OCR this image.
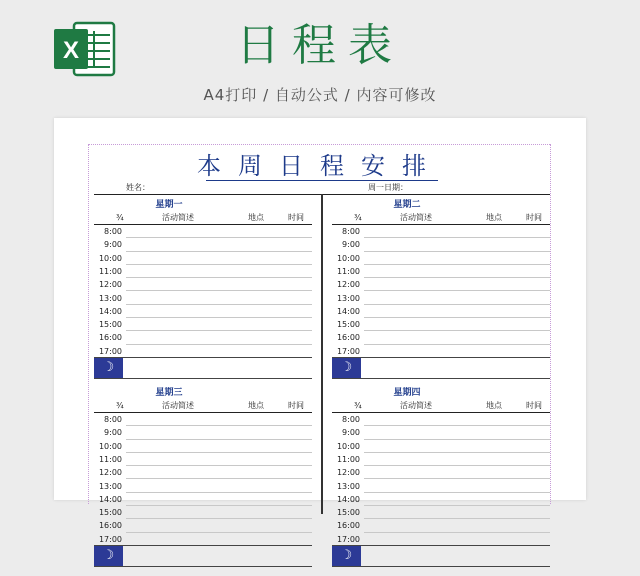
X	日程表
A4打印 / 自动公式 / 内容可修改
本周日程安排
姓名：	周一日期：
星期一
¾	活动简述	地点	时间
8:00
9:00
10:00
11:00
12:00
13:00
14:00
15:00
16:00
17:00
☽
星期二
¾	活动简述	地点	时间
8:00
9:00
10:00
11:00
12:00
13:00
14:00
15:00
16:00
17:00
☽
星期三
¾	活动简述	地点	时间
8:00
9:00
10:00
11:00
12:00
13:00
14:00
15:00
16:00
17:00
☽
星期四
¾	活动简述	地点	时间
8:00
9:00
10:00
11:00
12:00
13:00
14:00
15:00
16:00
17:00
☽
